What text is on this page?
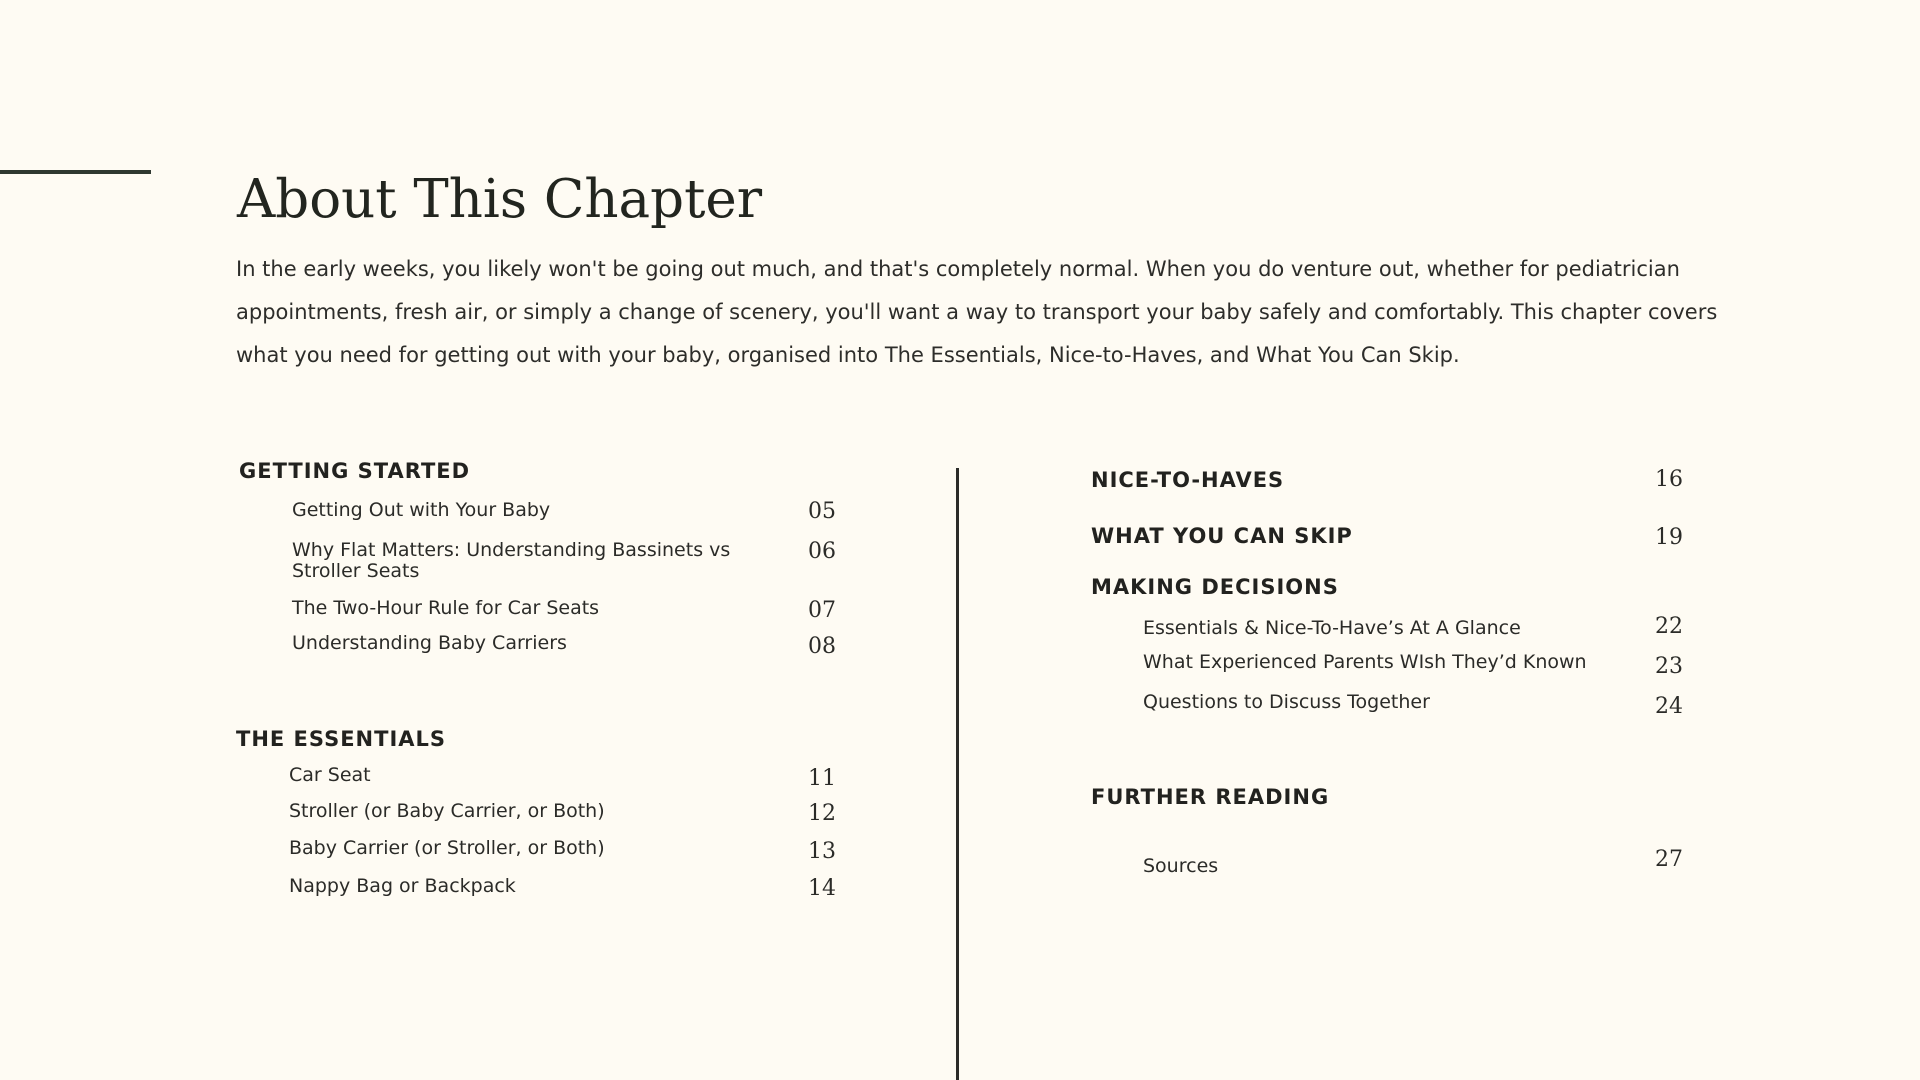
About This Chapter

In the early weeks, you likely won't be going out much, and that's completely normal. When you do venture out, whether for pediatrician appointments, fresh air, or simply a change of scenery, you'll want a way to transport your baby safely and comfortably. This chapter covers what you need for getting out with your baby, organised into The Essentials, Nice-to-Haves, and What You Can Skip.

GETTING STARTED
Getting Out with Your Baby	05
Why Flat Matters: Understanding Bassinets vs Stroller Seats
06
The Two-Hour Rule for Car Seats	07
Understanding Baby Carriers	08
THE ESSENTIALS
Car Seat	11
Stroller (or Baby Carrier, or Both)	12
Baby Carrier (or Stroller, or Both)	13
Nappy Bag or Backpack	14
NICE-TO-HAVES	16
WHAT YOU CAN SKIP	19
MAKING DECISIONS
Essentials & Nice-To-Have’s At A Glance	22
What Experienced Parents WIsh They’d Known	23
Questions to Discuss Together	24
FURTHER READING
Sources	27
